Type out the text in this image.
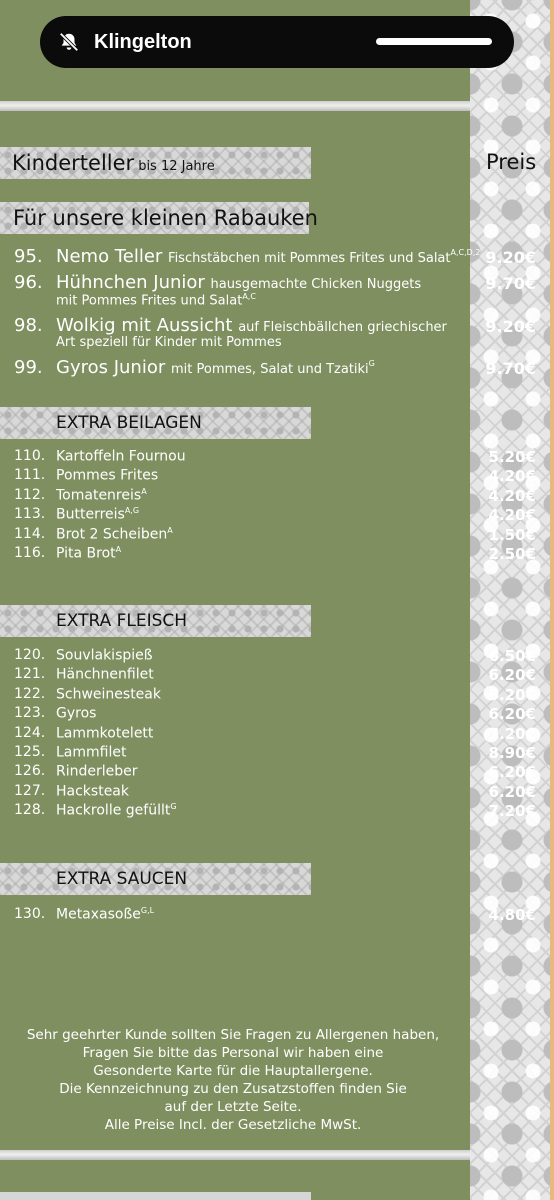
Klingelton
Kinderteller bis 12 Jahre	Preis
Für unsere kleinen Rabauken
95. Nemo Teller Fischstäbchen mit Pommes Frites und Salat$^{A,C,D,2}$ 9.20€
96. Hühnchen Junior hausgemachte Chicken Nuggets
mit Pommes Frites und Salat$^{A,C}$
9.70€
98. Wolkig mit Aussicht auf Fleischbällchen griechischer
Art speziell für Kinder mit Pommes
9.20€
99. Gyros Junior mit Pommes, Salat und Tzatiki$^G$	9.70€
EXTRA BEILAGEN
110. Kartoffeln Fournou	5.20€
111. Pommes Frites	4.20€
112. Tomatenreis$^A$	4.20€
113. Butterreis$^{A,G}$	4.20€
114. Brot 2 Scheiben$^A$	1.50€
116. Pita Brot$^A$	2.50€
EXTRA FLEISCH
120. Souvlakispieß	6.50€
121. Hänchnenfilet	6.20€
122. Schweinesteak	6.20€
123. Gyros	6.20€
124. Lammkotelett	7.20€
125. Lammfilet	8.90€
126. Rinderleber	6.20€
127. Hacksteak	6.20€
128. Hackrolle gefüllt$^G$	7.20€
EXTRA SAUCEN
130. Metaxasoße$^{G,L}$	4.80€
Sehr geehrter Kunde sollten Sie Fragen zu Allergenen haben,
Fragen Sie bitte das Personal wir haben eine
Gesonderte Karte für die Hauptallergene.
Die Kennzeichnung zu den Zusatzstoffen finden Sie
auf der Letzte Seite.
Alle Preise Incl. der Gesetzliche MwSt.
